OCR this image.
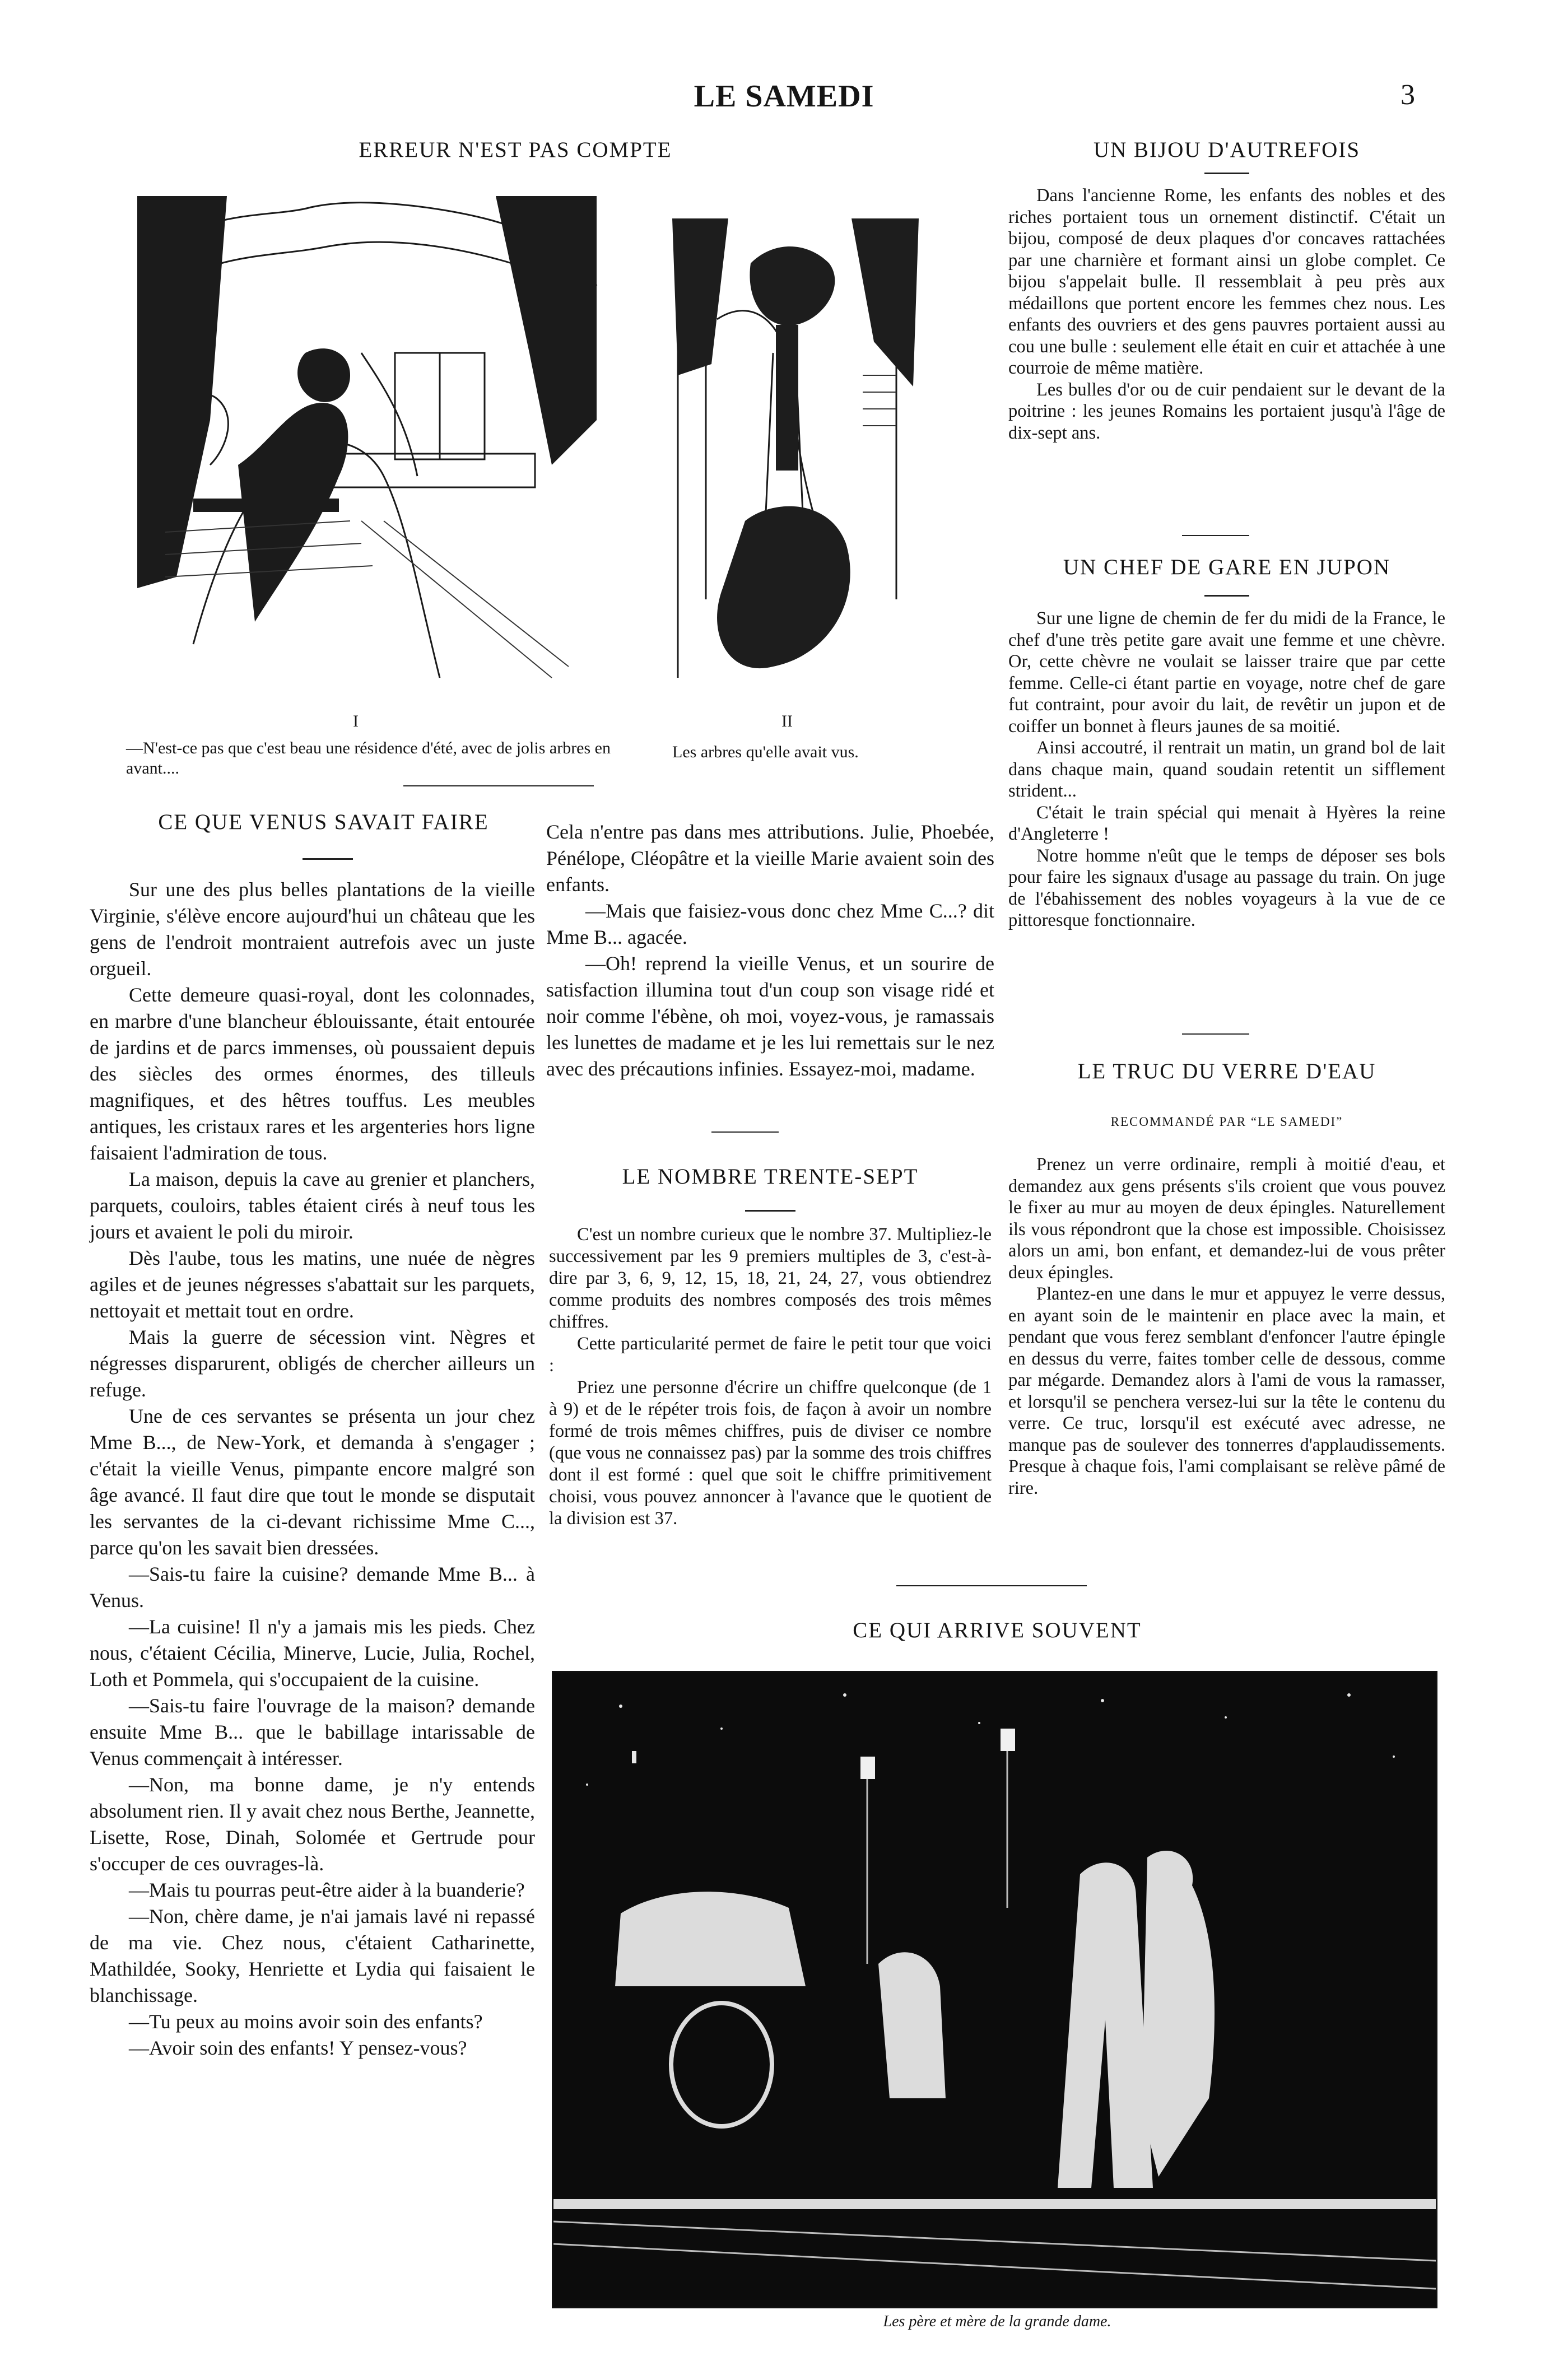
LE SAMEDI	3
ERREUR N'EST PAS COMPTE
I	II
—N'est-ce pas que c'est beau une résidence d'été, avec de jolis arbres en avant....
Les arbres qu'elle avait vus.
CE QUE VENUS SAVAIT FAIRE

Sur une des plus belles plantations de la vieille Virginie, s'élève encore aujourd'hui un château que les gens de l'endroit montraient autrefois avec un juste orgueil.

Cette demeure quasi-royal, dont les colonnades, en marbre d'une blancheur éblouissante, était entourée de jardins et de parcs immenses, où poussaient depuis des siècles des ormes énormes, des tilleuls magnifiques, et des hêtres touffus. Les meubles antiques, les cristaux rares et les argenteries hors ligne faisaient l'admiration de tous.

La maison, depuis la cave au grenier et planchers, parquets, couloirs, tables étaient cirés à neuf tous les jours et avaient le poli du miroir.

Dès l'aube, tous les matins, une nuée de nègres agiles et de jeunes négresses s'abattait sur les parquets, nettoyait et mettait tout en ordre.

Mais la guerre de sécession vint. Nègres et négresses disparurent, obligés de chercher ailleurs un refuge.

Une de ces servantes se présenta un jour chez Mme B..., de New-York, et demanda à s'engager ; c'était la vieille Venus, pimpante encore malgré son âge avancé. Il faut dire que tout le monde se disputait les servantes de la ci-devant richissime Mme C..., parce qu'on les savait bien dressées.

—Sais-tu faire la cuisine? demande Mme B... à Venus.

—La cuisine! Il n'y a jamais mis les pieds. Chez nous, c'étaient Cécilia, Minerve, Lucie, Julia, Rochel, Loth et Pommela, qui s'occupaient de la cuisine.

—Sais-tu faire l'ouvrage de la maison? demande ensuite Mme B... que le babillage intarissable de Venus commençait à intéresser.

—Non, ma bonne dame, je n'y entends absolument rien. Il y avait chez nous Berthe, Jeannette, Lisette, Rose, Dinah, Solomée et Gertrude pour s'occuper de ces ouvrages-là.

—Mais tu pourras peut-être aider à la buanderie?

—Non, chère dame, je n'ai jamais lavé ni repassé de ma vie. Chez nous, c'étaient Catharinette, Mathildée, Sooky, Henriette et Lydia qui faisaient le blanchissage.

—Tu peux au moins avoir soin des enfants?

—Avoir soin des enfants! Y pensez-vous?

Cela n'entre pas dans mes attributions. Julie, Phoebée, Pénélope, Cléopâtre et la vieille Marie avaient soin des enfants.

—Mais que faisiez-vous donc chez Mme C...? dit Mme B... agacée.

—Oh! reprend la vieille Venus, et un sourire de satisfaction illumina tout d'un coup son visage ridé et noir comme l'ébène, oh moi, voyez-vous, je ramassais les lunettes de madame et je les lui remettais sur le nez avec des précautions infinies. Essayez-moi, madame.

LE NOMBRE TRENTE-SEPT

C'est un nombre curieux que le nombre 37. Multipliez-le successivement par les 9 premiers multiples de 3, c'est-à-dire par 3, 6, 9, 12, 15, 18, 21, 24, 27, vous obtiendrez comme produits des nombres composés des trois mêmes chiffres.

Cette particularité permet de faire le petit tour que voici :

Priez une personne d'écrire un chiffre quelconque (de 1 à 9) et de le répéter trois fois, de façon à avoir un nombre formé de trois mêmes chiffres, puis de diviser ce nombre (que vous ne connaissez pas) par la somme des trois chiffres dont il est formé : quel que soit le chiffre primitivement choisi, vous pouvez annoncer à l'avance que le quotient de la division est 37.

UN BIJOU D'AUTREFOIS

Dans l'ancienne Rome, les enfants des nobles et des riches portaient tous un ornement distinctif. C'était un bijou, composé de deux plaques d'or concaves rattachées par une charnière et formant ainsi un globe complet. Ce bijou s'appelait bulle. Il ressemblait à peu près aux médaillons que portent encore les femmes chez nous. Les enfants des ouvriers et des gens pauvres portaient aussi au cou une bulle : seulement elle était en cuir et attachée à une courroie de même matière.

Les bulles d'or ou de cuir pendaient sur le devant de la poitrine : les jeunes Romains les portaient jusqu'à l'âge de dix-sept ans.

UN CHEF DE GARE EN JUPON

Sur une ligne de chemin de fer du midi de la France, le chef d'une très petite gare avait une femme et une chèvre. Or, cette chèvre ne voulait se laisser traire que par cette femme. Celle-ci étant partie en voyage, notre chef de gare fut contraint, pour avoir du lait, de revêtir un jupon et de coiffer un bonnet à fleurs jaunes de sa moitié.

Ainsi accoutré, il rentrait un matin, un grand bol de lait dans chaque main, quand soudain retentit un sifflement strident...

C'était le train spécial qui menait à Hyères la reine d'Angleterre !

Notre homme n'eût que le temps de déposer ses bols pour faire les signaux d'usage au passage du train. On juge de l'ébahissement des nobles voyageurs à la vue de ce pittoresque fonctionnaire.

LE TRUC DU VERRE D'EAU
RECOMMANDÉ PAR “LE SAMEDI”

Prenez un verre ordinaire, rempli à moitié d'eau, et demandez aux gens présents s'ils croient que vous pouvez le fixer au mur au moyen de deux épingles. Naturellement ils vous répondront que la chose est impossible. Choisissez alors un ami, bon enfant, et demandez-lui de vous prêter deux épingles.

Plantez-en une dans le mur et appuyez le verre dessus, en ayant soin de le maintenir en place avec la main, et pendant que vous ferez semblant d'enfoncer l'autre épingle en dessus du verre, faites tomber celle de dessous, comme par mégarde. Demandez alors à l'ami de vous la ramasser, et lorsqu'il se penchera versez-lui sur la tête le contenu du verre. Ce truc, lorsqu'il est exécuté avec adresse, ne manque pas de soulever des tonnerres d'applaudissements. Presque à chaque fois, l'ami complaisant se relève pâmé de rire.

CE QUI ARRIVE SOUVENT
Les père et mère de la grande dame.
